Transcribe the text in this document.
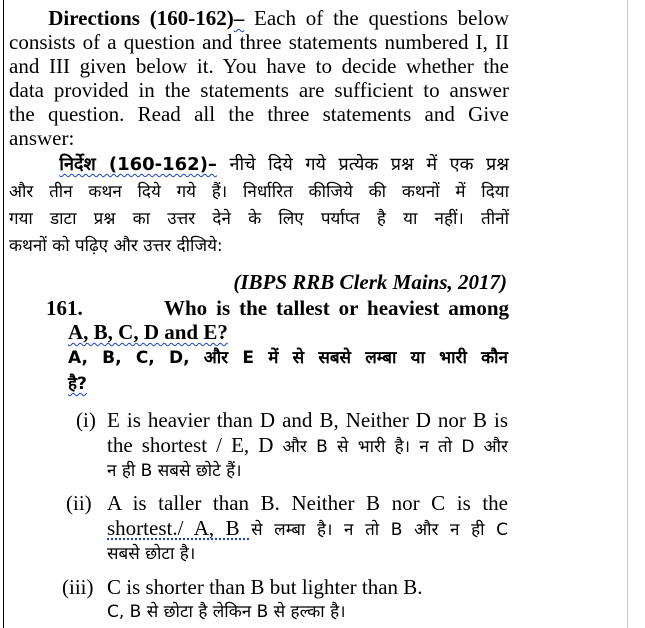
Directions (160-162)– Each of the questions below
consists of a question and three statements numbered I, II
and III given below it. You have to decide whether the
data provided in the statements are sufficient to answer
the question. Read all the three statements and Give
answer:
निर्देश (160-162)– नीचे दिये गये प्रत्येक प्रश्न में एक प्रश्न
और तीन कथन दिये गये हैं। निर्धारित कीजिये की कथनों में दिया
गया डाटा प्रश्न का उत्तर देने के लिए पर्याप्त है या नहीं। तीनों
कथनों को पढ़िए और उत्तर दीजिये:
(IBPS RRB Clerk Mains, 2017)
161.	Who is the tallest or heaviest among
A, B, C, D and E?
A, B, C, D, और E में से सबसे लम्बा या भारी कौन
है?
(i) E is heavier than D and B, Neither D nor B is
the shortest / E, D और B से भारी है। न तो D और
न ही B सबसे छोटे हैं।
(ii) A is taller than B. Neither B nor C is the
shortest./ A, B से लम्बा है। न तो B और न ही C
सबसे छोटा है।
(iii) C is shorter than B but lighter than B.
C, B से छोटा है लेकिन B से हल्का है।
